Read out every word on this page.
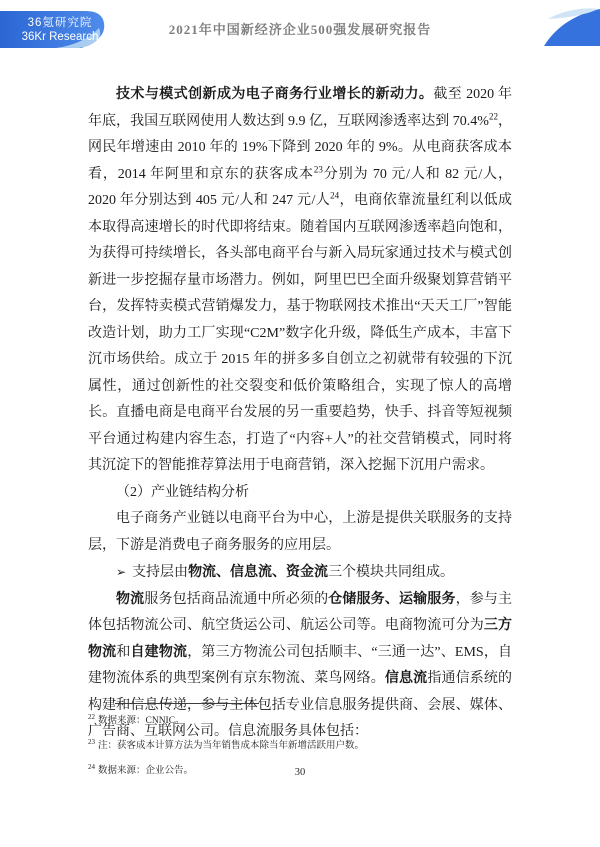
36氪研究院
36Kr Research	2021年中国新经济企业500强发展研究报告

技术与模式创新成为电子商务行业增长的新动力。截至 2020 年年底，我国互联网使用人数达到 9.9 亿，互联网渗透率达到 70.4%$^{22}$，网民年增速由 2010 年的 19%下降到 2020 年的 9%。从电商获客成本看，2014 年阿里和京东的获客成本$^{23}$分别为 70 元/人和 82 元/人，2020 年分别达到 405 元/人和 247 元/人$^{24}$，电商依靠流量红利以低成本取得高速增长的时代即将结束。随着国内互联网渗透率趋向饱和，为获得可持续增长，各头部电商平台与新入局玩家通过技术与模式创新进一步挖掘存量市场潜力。例如，阿里巴巴全面升级聚划算营销平台，发挥特卖模式营销爆发力，基于物联网技术推出“天天工厂”智能改造计划，助力工厂实现“C2M”数字化升级，降低生产成本，丰富下沉市场供给。成立于 2015 年的拼多多自创立之初就带有较强的下沉属性，通过创新性的社交裂变和低价策略组合，实现了惊人的高增长。直播电商是电商平台发展的另一重要趋势，快手、抖音等短视频平台通过构建内容生态，打造了“内容+人”的社交营销模式，同时将其沉淀下的智能推荐算法用于电商营销，深入挖掘下沉用户需求。

（2）产业链结构分析

电子商务产业链以电商平台为中心，上游是提供关联服务的支持层，下游是消费电子商务服务的应用层。

➢ 支持层由物流、信息流、资金流三个模块共同组成。

物流服务包括商品流通中所必须的仓储服务、运输服务，参与主体包括物流公司、航空货运公司、航运公司等。电商物流可分为三方物流和自建物流，第三方物流公司包括顺丰、“三通一达”、EMS，自建物流体系的典型案例有京东物流、菜鸟网络。信息流指通信系统的构建和信息传递，参与主体包括专业信息服务提供商、会展、媒体、广告商、互联网公司。信息流服务具体包括：

$^{22}$ 数据来源：CNNIC。
$^{23}$ 注：获客成本计算方法为当年销售成本除当年新增活跃用户数。
$^{24}$ 数据来源：企业公告。	30
